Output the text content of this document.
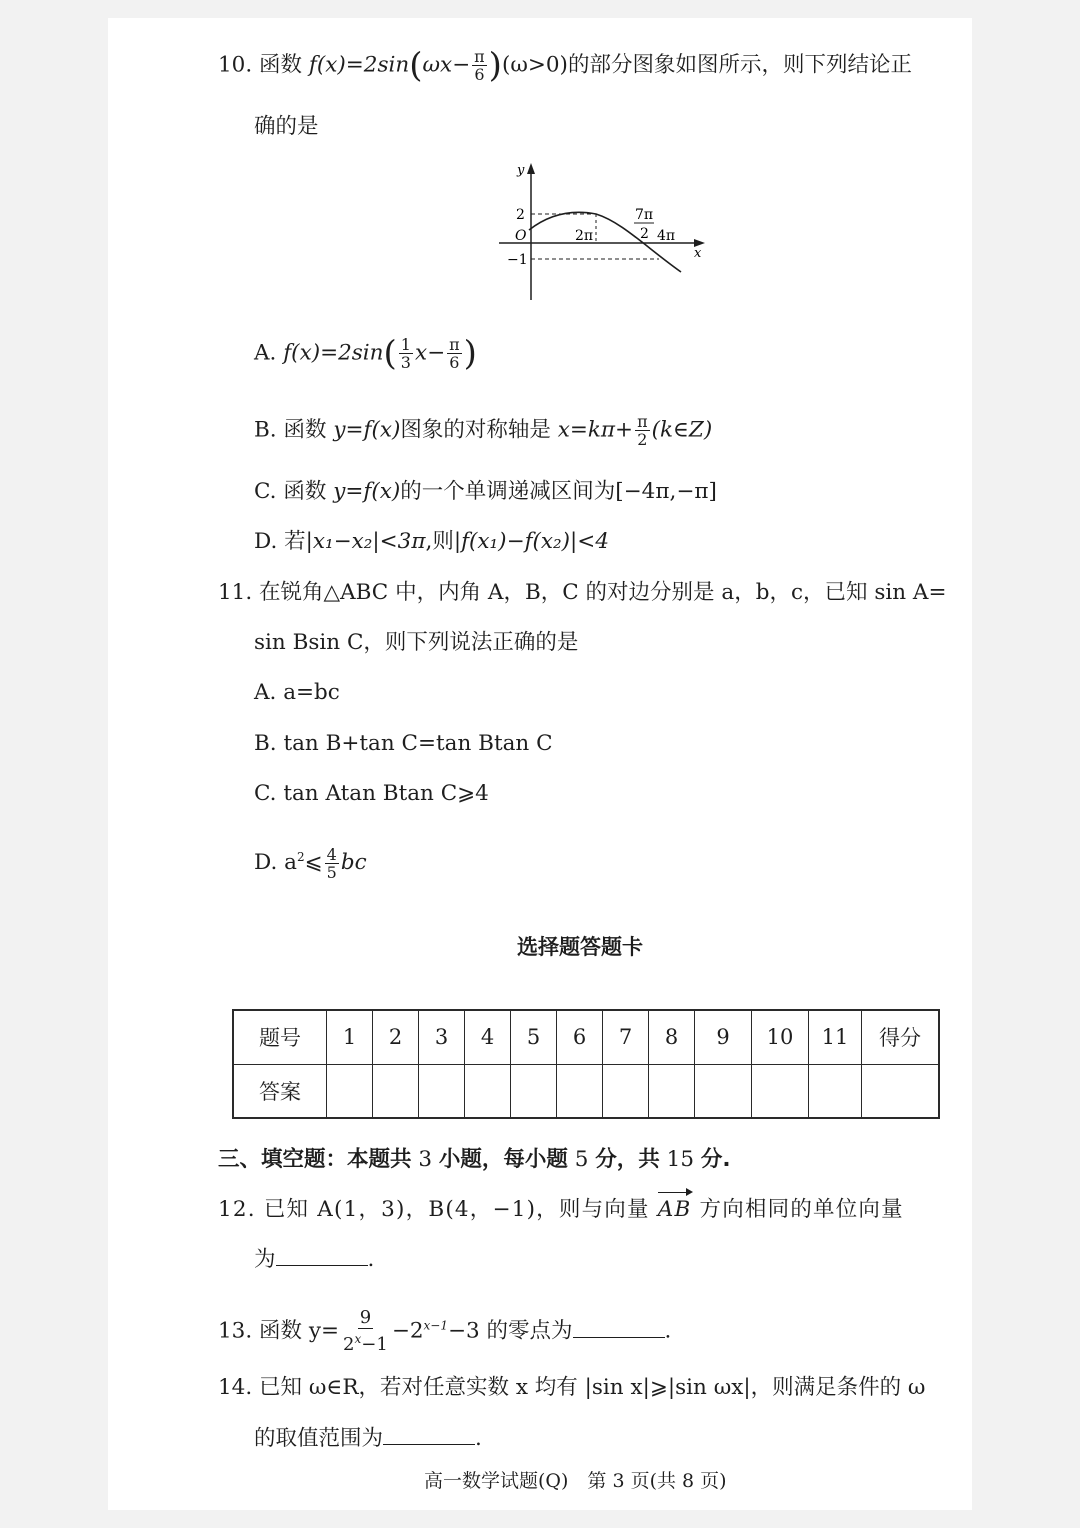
10. 函数 $f(x)=2\sin(\omega x- \frac{\pi}{6} )(\omega>0)$的部分图象如图所示，则下列结论正
确的是
y
x
O
2
−1
2π
7π
2 4π
A. $f(x)=2\sin( \frac{1}{3} x- \frac{\pi}{6}$ )
B. 函数 y=f(x)图象的对称轴是 $x=k\pi+ \frac{\pi}{2}$ (k∈Z)
C. 函数 y=f(x)的一个单调递减区间为[−4π,−π]
D. 若|x₁−x₂|<3π,则|f(x₁)−f(x₂)|<4
11. 在锐角△ABC 中，内角 A，B，C 的对边分别是 a，b，c，已知 sin A=
sin Bsin C，则下列说法正确的是
A. a=bc
B. tan B+tan C=tan Btan C
C. tan Atan Btan C⩾4
D. $a^2⩽ \frac{4}{5}$ bc
选择题答题卡
题号	1	2	3	4	5	6	7	8	9	10	11	得分
答案												
三、填空题：本题共 3 小题，每小题 5 分，共 15 分.
12. 已知 A(1，3)，B(4，−1)，则与向量 AB 方向相同的单位向量
为	.
13. 函数 $y= \frac{9}{2^x-1} -2^{x-1}-3$ 的零点为	.
14. 已知 ω∈R，若对任意实数 x 均有 |sin x|⩾|sin ωx|，则满足条件的 ω
的取值范围为	.
高一数学试题(Q)　第 3 页(共 8 页)
